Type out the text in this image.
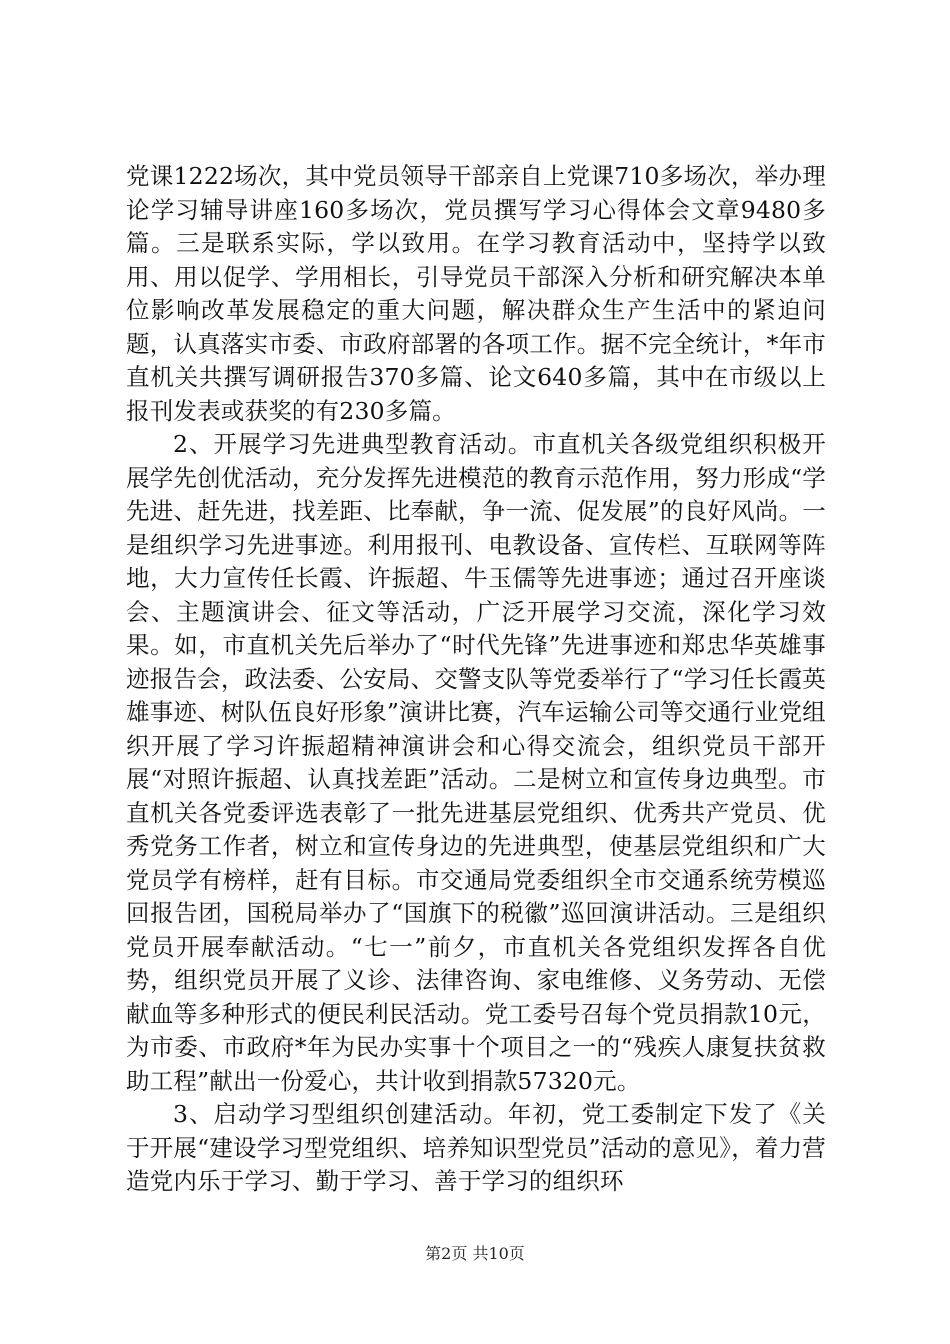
党课1222场次，其中党员领导干部亲自上党课710多场次，举办理论学习辅导讲座160多场次，党员撰写学习心得体会文章9480多篇。三是联系实际，学以致用。在学习教育活动中，坚持学以致用、用以促学、学用相长，引导党员干部深入分析和研究解决本单位影响改革发展稳定的重大问题，解决群众生产生活中的紧迫问题，认真落实市委、市政府部署的各项工作。据不完全统计，*年市直机关共撰写调研报告370多篇、论文640多篇，其中在市级以上报刊发表或获奖的有230多篇。

2、开展学习先进典型教育活动。市直机关各级党组织积极开展学先创优活动，充分发挥先进模范的教育示范作用，努力形成“学先进、赶先进，找差距、比奉献，争一流、促发展”的良好风尚。一是组织学习先进事迹。利用报刊、电教设备、宣传栏、互联网等阵地，大力宣传任长霞、许振超、牛玉儒等先进事迹；通过召开座谈会、主题演讲会、征文等活动，广泛开展学习交流，深化学习效果。如，市直机关先后举办了“时代先锋”先进事迹和郑忠华英雄事迹报告会，政法委、公安局、交警支队等党委举行了“学习任长霞英雄事迹、树队伍良好形象”演讲比赛，汽车运输公司等交通行业党组织开展了学习许振超精神演讲会和心得交流会，组织党员干部开展“对照许振超、认真找差距”活动。二是树立和宣传身边典型。市直机关各党委评选表彰了一批先进基层党组织、优秀共产党员、优秀党务工作者，树立和宣传身边的先进典型，使基层党组织和广大党员学有榜样，赶有目标。市交通局党委组织全市交通系统劳模巡回报告团，国税局举办了“国旗下的税徽”巡回演讲活动。三是组织党员开展奉献活动。“七一”前夕，市直机关各党组织发挥各自优势，组织党员开展了义诊、法律咨询、家电维修、义务劳动、无偿献血等多种形式的便民利民活动。党工委号召每个党员捐款10元，为市委、市政府*年为民办实事十个项目之一的“残疾人康复扶贫救助工程”献出一份爱心，共计收到捐款57320元。

3、启动学习型组织创建活动。年初，党工委制定下发了《关于开展“建设学习型党组织、培养知识型党员”活动的意见》，着力营造党内乐于学习、勤于学习、善于学习的组织环

第2页 共10页
